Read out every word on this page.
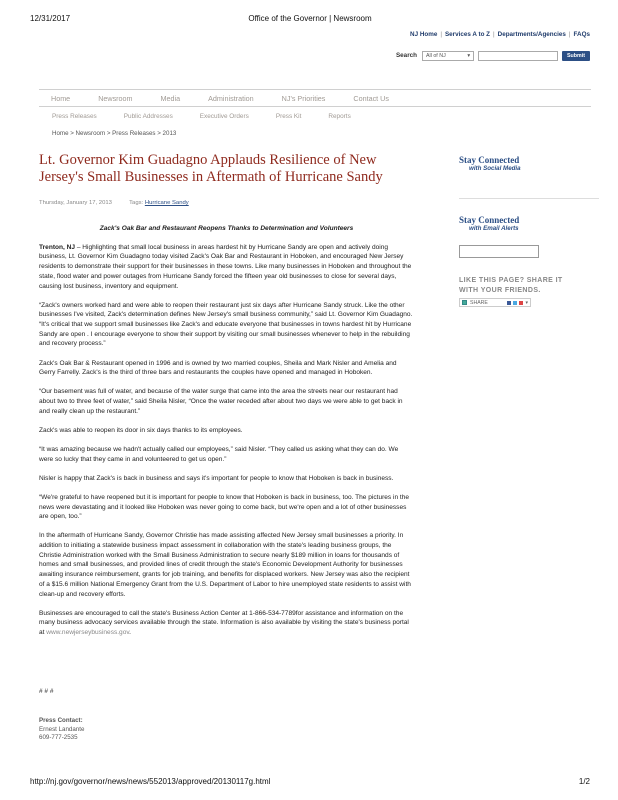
12/31/2017	Office of the Governor | Newsroom
NJ Home | Services A to Z | Departments/Agencies | FAQs
Search All of NJ	▾	Submit
Home	Newsroom	Media	Administration	NJ's Priorities	Contact Us
Press Releases	Public Addresses	Executive Orders	Press Kit	Reports
Home > Newsroom > Press Releases > 2013
Lt. Governor Kim Guadagno Applauds Resilience of New Jersey's Small Businesses in Aftermath of Hurricane Sandy
Thursday, January 17, 2013	Tags: Hurricane Sandy

Zack's Oak Bar and Restaurant Reopens Thanks to Determination and Volunteers

Trenton, NJ – Highlighting that small local business in areas hardest hit by Hurricane Sandy are open and actively doing business, Lt. Governor Kim Guadagno today visited Zack's Oak Bar and Restaurant in Hoboken, and encouraged New Jersey residents to demonstrate their support for their businesses in these towns. Like many businesses in Hoboken and throughout the state, flood water and power outages from Hurricane Sandy forced the fifteen year old businesses to close for several days, causing lost business, inventory and equipment.

“Zack's owners worked hard and were able to reopen their restaurant just six days after Hurricane Sandy struck. Like the other businesses I've visited, Zack's determination defines New Jersey's small business community,” said Lt. Governor Kim Guadagno. “It's critical that we support small businesses like Zack's and educate everyone that businesses in towns hardest hit by Hurricane Sandy are open . I encourage everyone to show their support by visiting our small businesses whenever to help in the rebuilding and recovery process.”

Zack's Oak Bar & Restaurant opened in 1996 and is owned by two married couples, Sheila and Mark Nisler and Amelia and Gerry Farrelly. Zack's is the third of three bars and restaurants the couples have opened and managed in Hoboken.

“Our basement was full of water, and because of the water surge that came into the area the streets near our restaurant had about two to three feet of water,” said Sheila Nisler, “Once the water receded after about two days we were able to get back in and really clean up the restaurant.”

Zack's was able to reopen its door in six days thanks to its employees.

“It was amazing because we hadn't actually called our employees,” said Nisler. “They called us asking what they can do. We were so lucky that they came in and volunteered to get us open.”

Nisler is happy that Zack's is back in business and says it's important for people to know that Hoboken is back in business.

“We're grateful to have reopened but it is important for people to know that Hoboken is back in business, too. The pictures in the news were devastating and it looked like Hoboken was never going to come back, but we're open and a lot of other businesses are open, too.”

In the aftermath of Hurricane Sandy, Governor Christie has made assisting affected New Jersey small businesses a priority. In addition to initiating a statewide business impact assessment in collaboration with the state's leading business groups, the Christie Administration worked with the Small Business Administration to secure nearly $189 million in loans for thousands of homes and small businesses, and provided lines of credit through the state's Economic Development Authority for businesses awaiting insurance reimbursement, grants for job training, and benefits for displaced workers. New Jersey was also the recipient of a $15.6 million National Emergency Grant from the U.S. Department of Labor to hire unemployed state residents to assist with clean-up and recovery efforts.

Businesses are encouraged to call the state's Business Action Center at 1-866-534-7789for assistance and information on the many business advocacy services available through the state. Information is also available by visiting the state's business portal at www.newjerseybusiness.gov.

# # #
Press Contact:
Ernest Landante
609-777-2535
Stay Connected
with Social Media
Stay Connected
with Email Alerts
LIKE THIS PAGE? SHARE IT
WITH YOUR FRIENDS.
SHARE	▾
http://nj.gov/governor/news/news/552013/approved/20130117g.html	1/2
